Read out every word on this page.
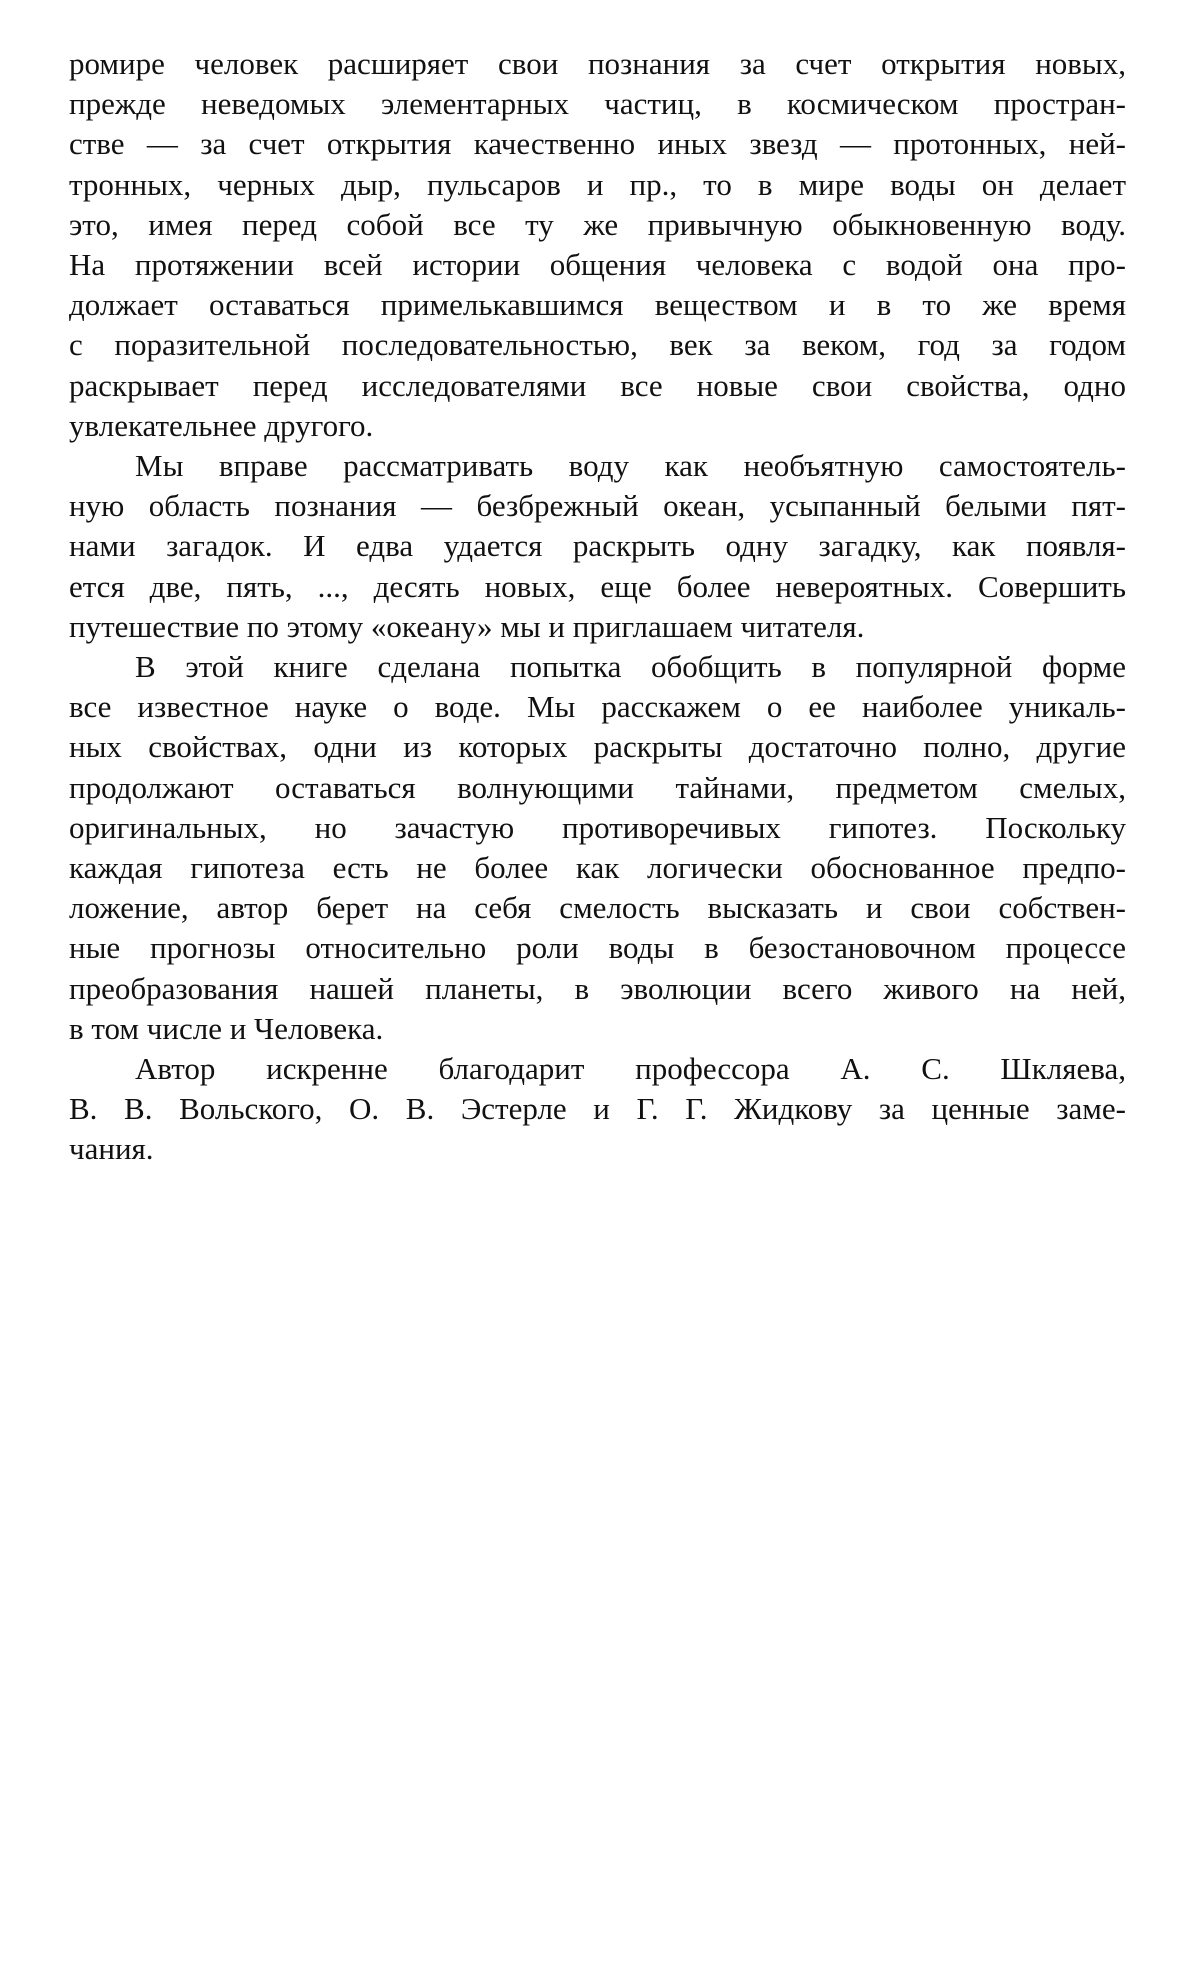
ромире человек расширяет свои познания за счет открытия новых,
прежде неведомых элементарных частиц, в космическом простран-
стве — за счет открытия качественно иных звезд — протонных, ней-
тронных, черных дыр, пульсаров и пр., то в мире воды он делает
это, имея перед собой все ту же привычную обыкновенную воду.
На протяжении всей истории общения человека с водой она про-
должает оставаться примелькавшимся веществом и в то же время
с поразительной последовательностью, век за веком, год за годом
раскрывает перед исследователями все новые свои свойства, одно
увлекательнее другого.

Мы вправе рассматривать воду как необъятную самостоятель-
ную область познания — безбрежный океан, усыпанный белыми пят-
нами загадок. И едва удается раскрыть одну загадку, как появля-
ется две, пять, ..., десять новых, еще более невероятных. Совершить
путешествие по этому «океану» мы и приглашаем читателя.

В этой книге сделана попытка обобщить в популярной форме
все известное науке о воде. Мы расскажем о ее наиболее уникаль-
ных свойствах, одни из которых раскрыты достаточно полно, другие
продолжают оставаться волнующими тайнами, предметом смелых,
оригинальных, но зачастую противоречивых гипотез. Поскольку
каждая гипотеза есть не более как логически обоснованное предпо-
ложение, автор берет на себя смелость высказать и свои собствен-
ные прогнозы относительно роли воды в безостановочном процессе
преобразования нашей планеты, в эволюции всего живого на ней,
в том числе и Человека.

Автор искренне благодарит профессора А. С. Шкляева,
В. В. Вольского, О. В. Эстерле и Г. Г. Жидкову за ценные заме-
чания.
